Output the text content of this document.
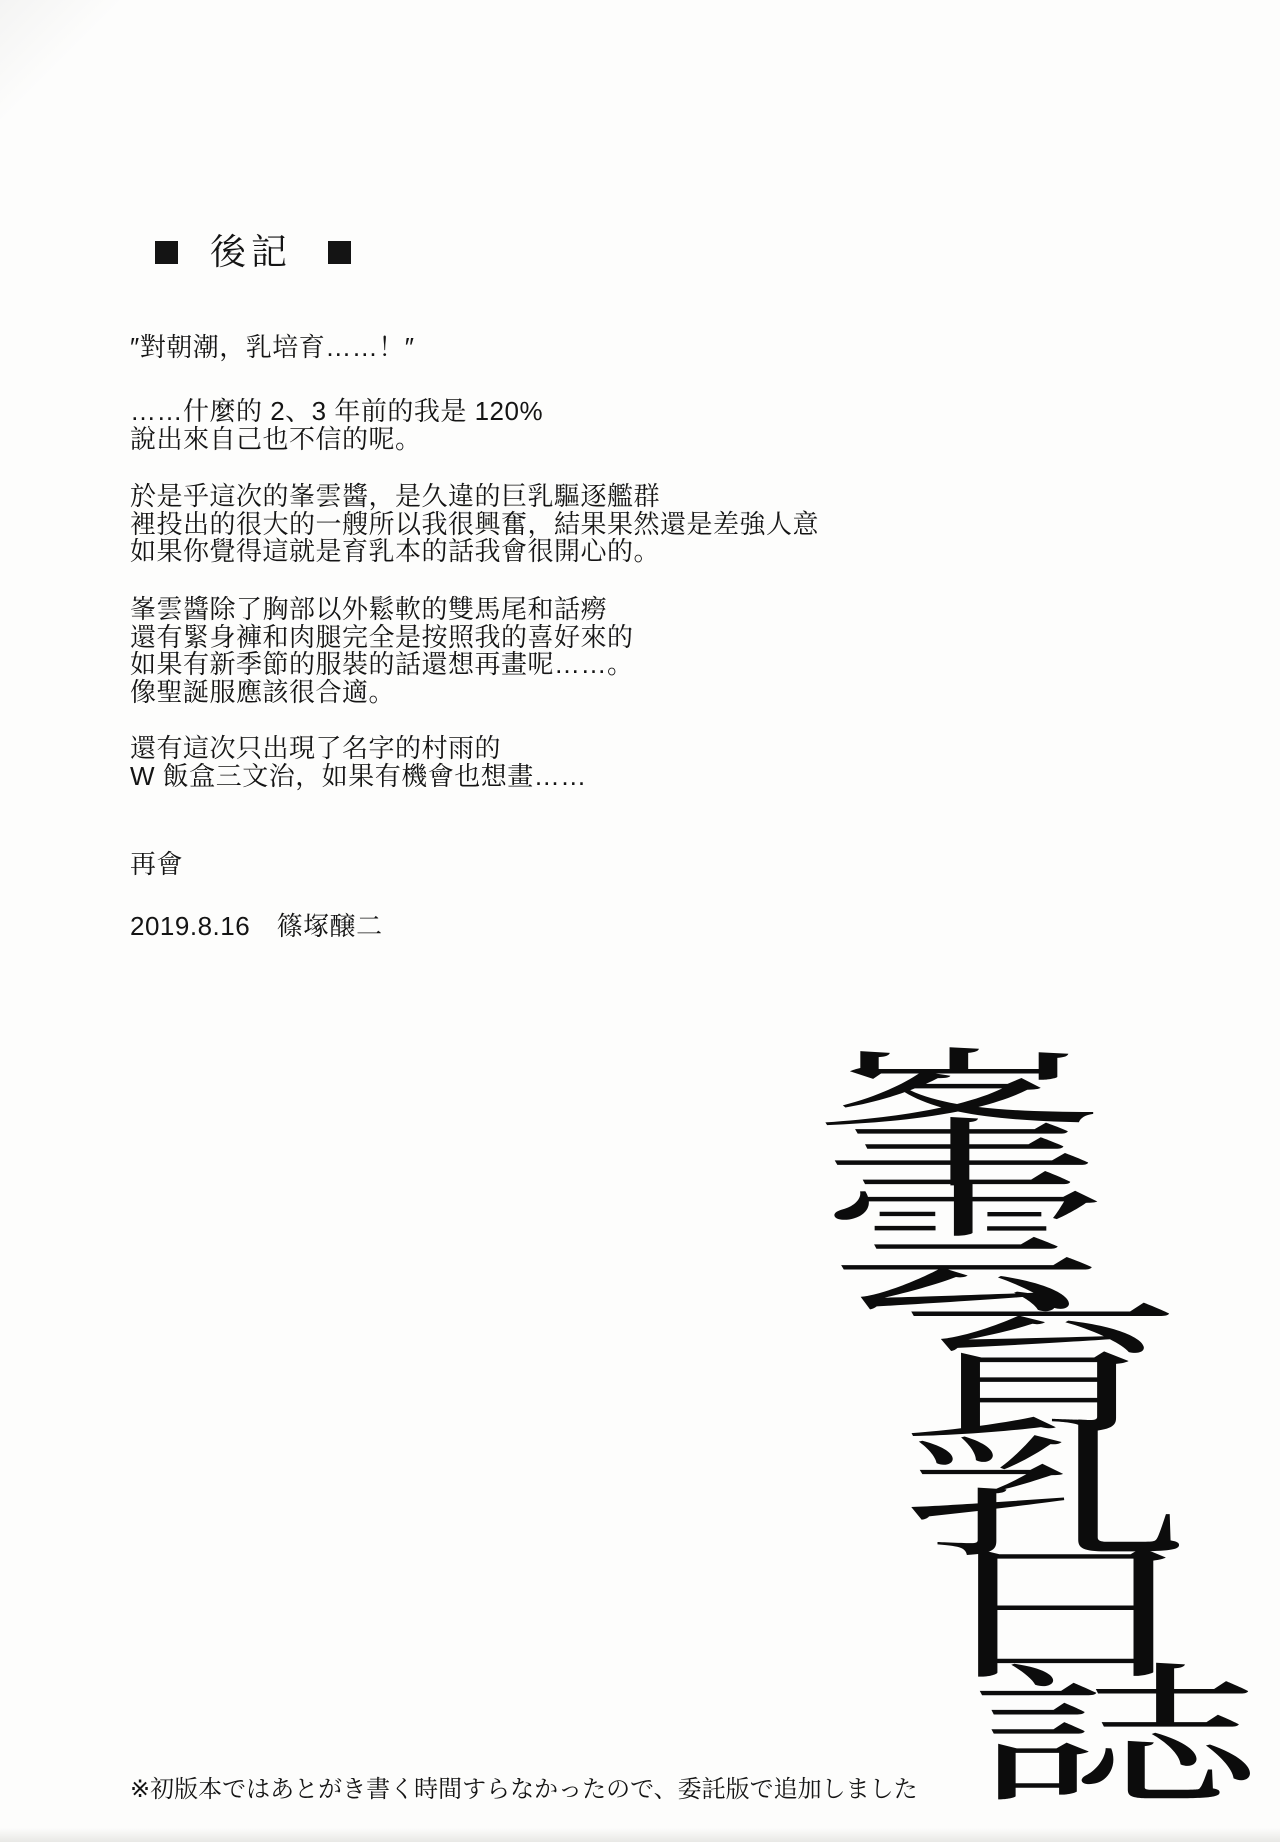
後記
″對朝潮，乳培育……！″
……什麼的 2、3 年前的我是 120%
說出來自己也不信的呢。
於是乎這次的峯雲醬，是久違的巨乳驅逐艦群
裡投出的很大的一艘所以我很興奮，結果果然還是差強人意
如果你覺得這就是育乳本的話我會很開心的。
峯雲醬除了胸部以外鬆軟的雙馬尾和話癆
還有緊身褲和肉腿完全是按照我的喜好來的
如果有新季節的服裝的話還想再畫呢……。
像聖誕服應該很合適。
還有這次只出現了名字的村雨的
W 飯盒三文治，如果有機會也想畫……
再會
2019.8.16　篠塚醸二
峯
雲
育
乳
日
誌
※初版本ではあとがき書く時間すらなかったので、委託版で追加しました
